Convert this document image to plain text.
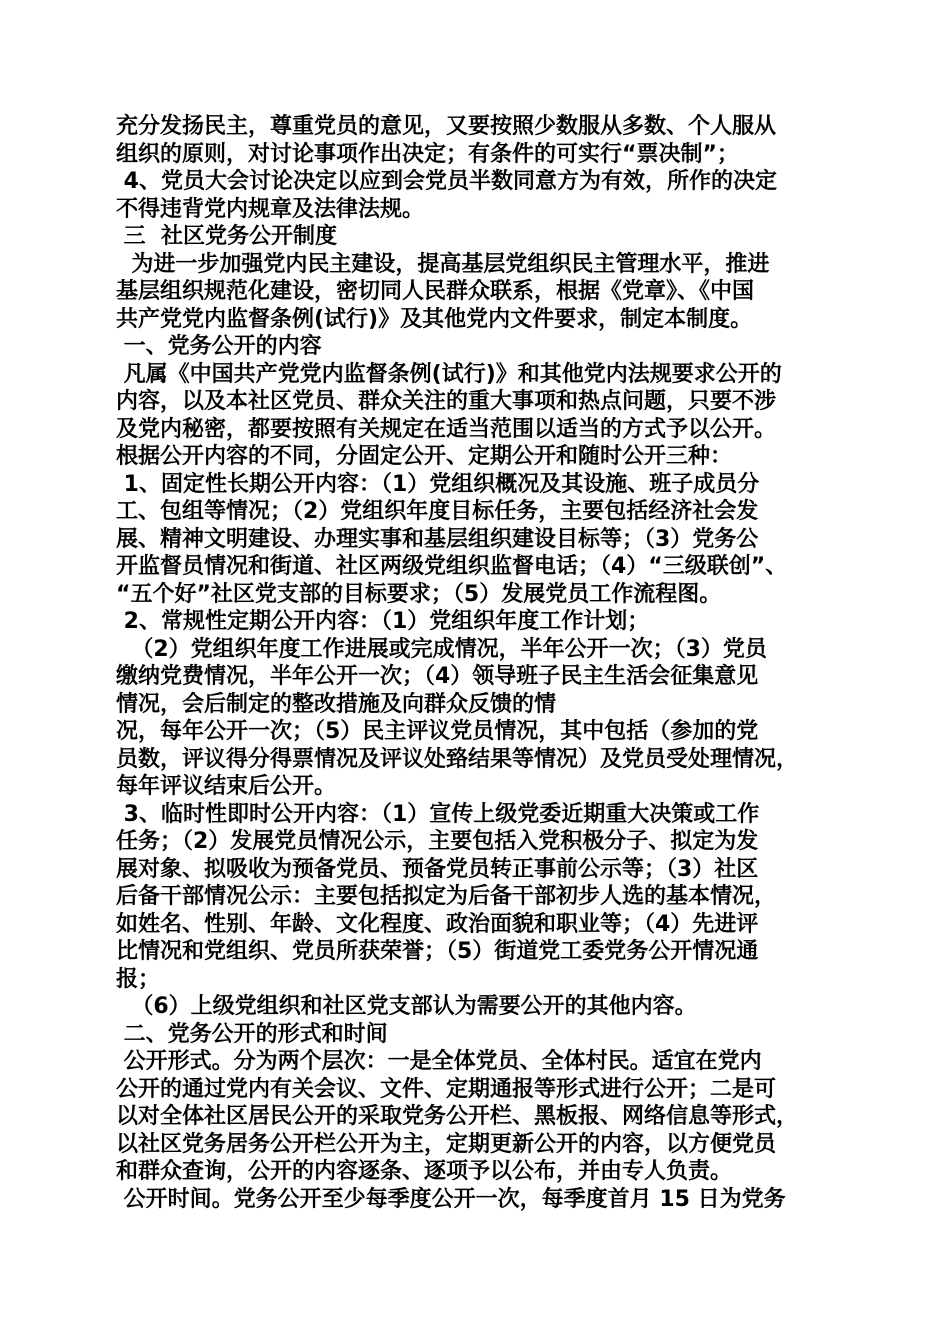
充分发扬民主，尊重党员的意见，又要按照少数服从多数、个人服从
组织的原则，对讨论事项作出决定；有条件的可实行“票决制”；
4、党员大会讨论决定以应到会党员半数同意方为有效，所作的决定
不得违背党内规章及法律法规。
三  社区党务公开制度
为进一步加强党内民主建设，提高基层党组织民主管理水平，推进
基层组织规范化建设，密切同人民群众联系，根据《党章》、《中国
共产党党内监督条例(试行)》及其他党内文件要求，制定本制度。
一、党务公开的内容
凡属《中国共产党党内监督条例(试行)》和其他党内法规要求公开的
内容，以及本社区党员、群众关注的重大事项和热点问题，只要不涉
及党内秘密，都要按照有关规定在适当范围以适当的方式予以公开。
根据公开内容的不同，分固定公开、定期公开和随时公开三种：
1、固定性长期公开内容：（1）党组织概况及其设施、班子成员分
工、包组等情况；（2）党组织年度目标任务，主要包括经济社会发
展、精神文明建设、办理实事和基层组织建设目标等；（3）党务公
开监督员情况和街道、社区两级党组织监督电话；（4）“三级联创”、
“五个好”社区党支部的目标要求；（5）发展党员工作流程图。
2、常规性定期公开内容：（1）党组织年度工作计划；
（2）党组织年度工作进展或完成情况，半年公开一次；（3）党员
缴纳党费情况，半年公开一次；（4）领导班子民主生活会征集意见
情况，会后制定的整改措施及向群众反馈的情
况，每年公开一次；（5）民主评议党员情况，其中包括（参加的党
员数，评议得分得票情况及评议处臵结果等情况）及党员受处理情况，
每年评议结束后公开。
3、临时性即时公开内容：（1）宣传上级党委近期重大决策或工作
任务；（2）发展党员情况公示，主要包括入党积极分子、拟定为发
展对象、拟吸收为预备党员、预备党员转正事前公示等；（3）社区
后备干部情况公示：主要包括拟定为后备干部初步人选的基本情况，
如姓名、性别、年龄、文化程度、政治面貌和职业等；（4）先进评
比情况和党组织、党员所获荣誉；（5）街道党工委党务公开情况通
报；
（6）上级党组织和社区党支部认为需要公开的其他内容。
二、党务公开的形式和时间
公开形式。分为两个层次：一是全体党员、全体村民。适宜在党内
公开的通过党内有关会议、文件、定期通报等形式进行公开；二是可
以对全体社区居民公开的采取党务公开栏、黑板报、网络信息等形式，
以社区党务居务公开栏公开为主，定期更新公开的内容，以方便党员
和群众查询，公开的内容逐条、逐项予以公布，并由专人负责。
公开时间。党务公开至少每季度公开一次，每季度首月 15 日为党务
